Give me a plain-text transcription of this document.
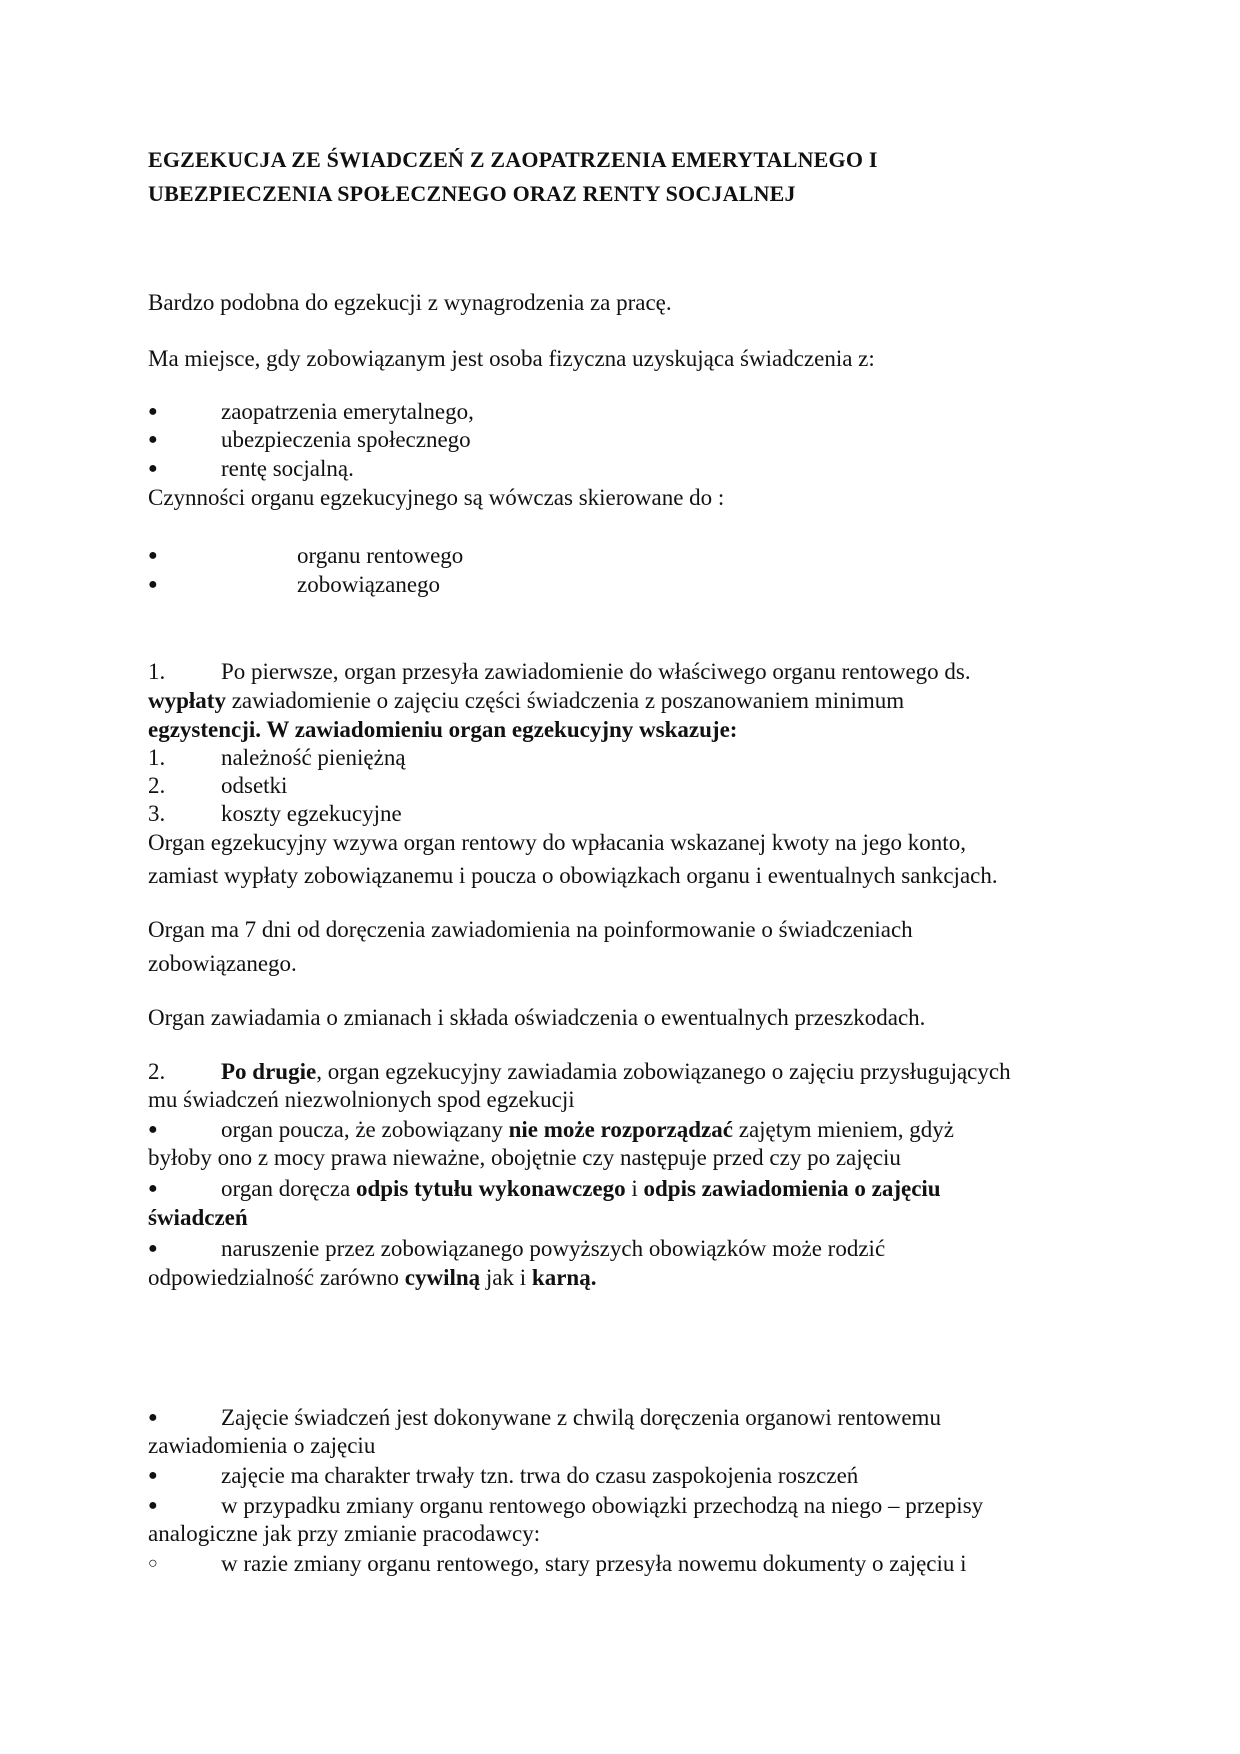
EGZEKUCJA ZE ŚWIADCZEŃ Z ZAOPATRZENIA EMERYTALNEGO I
UBEZPIECZENIA SPOŁECZNEGO ORAZ RENTY SOCJALNEJ
Bardzo podobna do egzekucji z wynagrodzenia za pracę.
Ma miejsce, gdy zobowiązanym jest osoba fizyczna uzyskująca świadczenia z:
●	zaopatrzenia emerytalnego,
●	ubezpieczenia społecznego
●	rentę socjalną.
Czynności organu egzekucyjnego są wówczas skierowane do :
●	organu rentowego
●	zobowiązanego
1. Po pierwsze, organ przesyła zawiadomienie do właściwego organu rentowego ds.
wypłaty zawiadomienie o zajęciu części świadczenia z poszanowaniem minimum
egzystencji. W zawiadomieniu organ egzekucyjny wskazuje:
1. należność pieniężną
2. odsetki
3. koszty egzekucyjne
Organ egzekucyjny wzywa organ rentowy do wpłacania wskazanej kwoty na jego konto,
zamiast wypłaty zobowiązanemu i poucza o obowiązkach organu i ewentualnych sankcjach.
Organ ma 7 dni od doręczenia zawiadomienia na poinformowanie o świadczeniach
zobowiązanego.
Organ zawiadamia o zmianach i składa oświadczenia o ewentualnych przeszkodach.
2. Po drugie, organ egzekucyjny zawiadamia zobowiązanego o zajęciu przysługujących
mu świadczeń niezwolnionych spod egzekucji
●	organ poucza, że zobowiązany nie może rozporządzać zajętym mieniem, gdyż
byłoby ono z mocy prawa nieważne, obojętnie czy następuje przed czy po zajęciu
●	organ doręcza odpis tytułu wykonawczego i odpis zawiadomienia o zajęciu
świadczeń
●	naruszenie przez zobowiązanego powyższych obowiązków może rodzić
odpowiedzialność zarówno cywilną jak i karną.
●	Zajęcie świadczeń jest dokonywane z chwilą doręczenia organowi rentowemu
zawiadomienia o zajęciu
●	zajęcie ma charakter trwały tzn. trwa do czasu zaspokojenia roszczeń
●	w przypadku zmiany organu rentowego obowiązki przechodzą na niego – przepisy
analogiczne jak przy zmianie pracodawcy:
○	w razie zmiany organu rentowego, stary przesyła nowemu dokumenty o zajęciu i
